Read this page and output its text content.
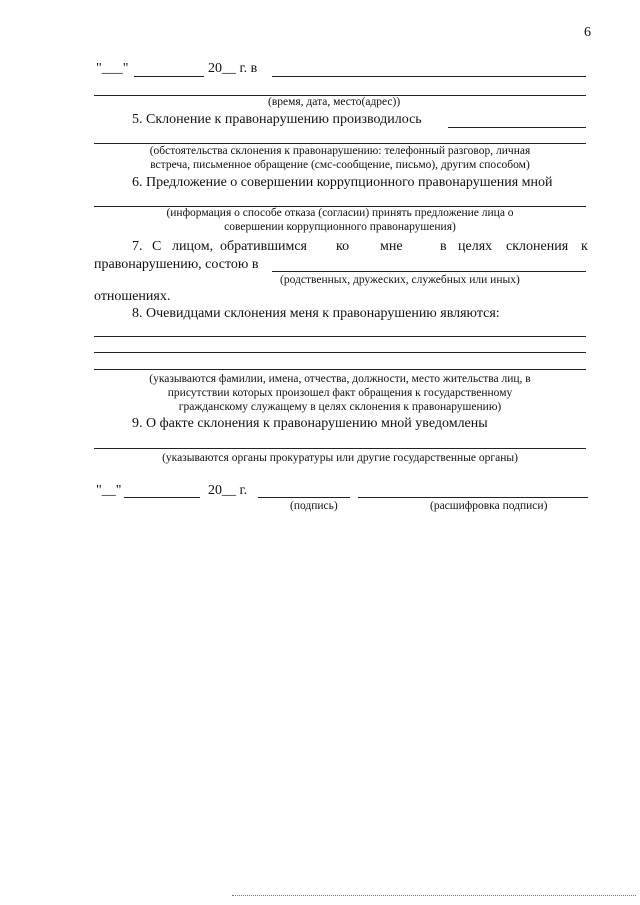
6
"___"	20__ г. в
(время, дата, место(адрес))
5. Склонение к правонарушению производилось
(обстоятельства склонения к правонарушению: телефонный разговор, личная
встреча, письменное обращение (смс-сообщение, письмо), другим способом)
6. Предложение о совершении коррупционного правонарушения мной
(информация о способе отказа (согласии) принять предложение лица о
совершении коррупционного правонарушения)
7. С лицом, обратившимся ко мне	в целях склонения к
правонарушению, состою в
(родственных, дружеских, служебных или иных)
отношениях.
8. Очевидцами склонения меня к правонарушению являются:
(указываются фамилии, имена, отчества, должности, место жительства лиц, в
присутствии которых произошел факт обращения к государственному
гражданскому служащему в целях склонения к правонарушению)
9. О факте склонения к правонарушению мной уведомлены
(указываются органы прокуратуры или другие государственные органы)
"__"	20__ г.
(подпись)	(расшифровка подписи)
